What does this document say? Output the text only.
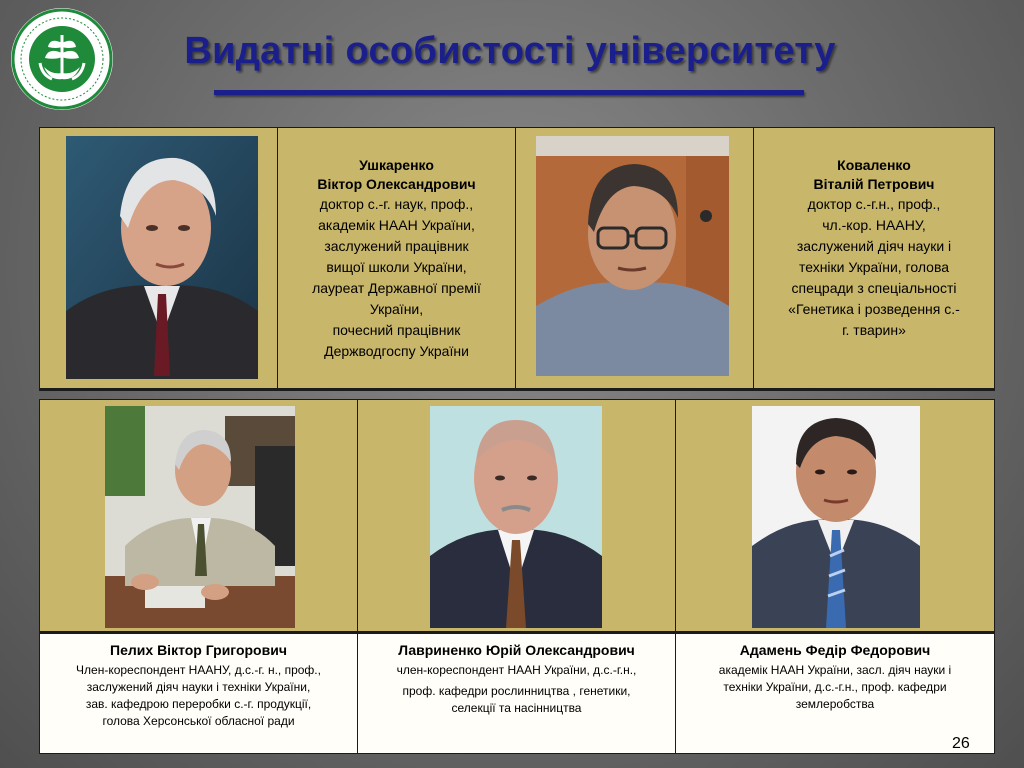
Видатні особистості університету
Ушкаренко
Віктор Олександрович
доктор с.-г. наук, проф.,
академік НААН України,
заслужений працівник
вищої школи України,
лауреат Державної премії
України,
почесний працівник
Держводгоспу України
Коваленко
Віталій Петрович
доктор с.-г.н., проф.,
чл.-кор. НААНУ,
заслужений діяч науки і
техніки України, голова
спецради з спеціальності
«Генетика і розведення с.-
г. тварин»
Пелих Віктор Григорович
Член-кореспондент НААНУ, д.с.-г. н., проф.,
заслужений діяч науки і техніки України,
зав. кафедрою переробки с.-г. продукції,
голова Херсонської обласної ради
Лавриненко Юрій Олександрович
член-кореспондент НААН України, д.с.-г.н.,
проф. кафедри рослинництва , генетики,
селекції та насінництва
Адамень Федір Федорович
академік НААН України, засл. діяч науки і
техніки України, д.с.-г.н., проф. кафедри
землеробства
26
